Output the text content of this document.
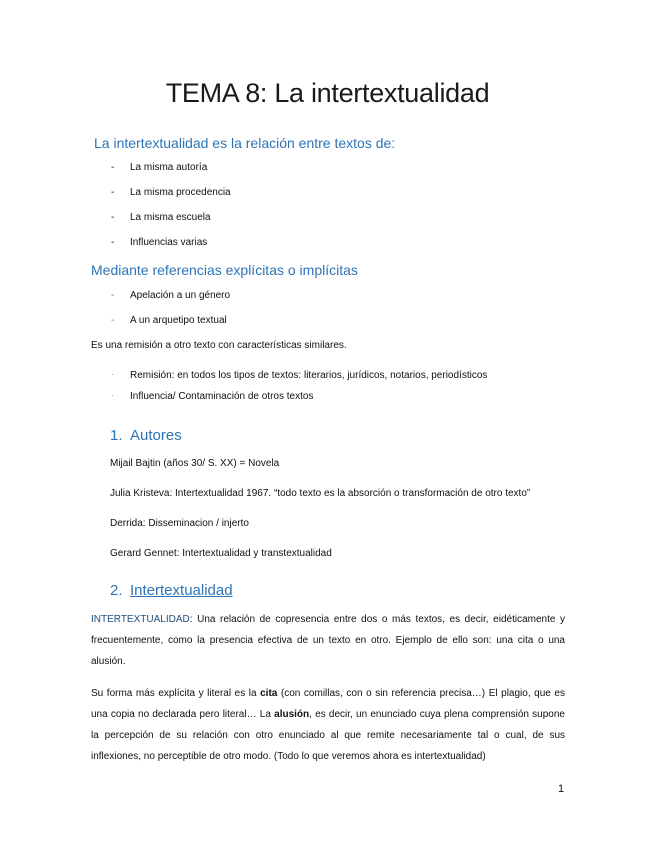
TEMA 8: La intertextualidad
La intertextualidad es la relación entre textos de:
- La misma autoría
- La misma procedencia
- La misma escuela
- Influencias varias
Mediante referencias explícitas o implícitas
- Apelación a un género
- A un arquetipo textual
Es una remisión a otro texto con características similares.
· Remisión: en todos los tipos de textos: literarios, jurídicos, notarios, periodísticos
· Influencia/ Contaminación de otros textos
1. Autores
Mijail Bajtin (años 30/ S. XX) = Novela
Julia Kristeva: Intertextualidad 1967. “todo texto es la absorción o transformación de otro texto”
Derrida: Disseminacion / injerto
Gerard Gennet: Intertextualidad y transtextualidad
2. Intertextualidad
INTERTEXTUALIDAD: Una relación de copresencia entre dos o más textos, es decir, eidéticamente y frecuentemente, como la presencia efectiva de un texto en otro. Ejemplo de ello son: una cita o una alusión.
Su forma más explícita y literal es la cita (con comillas, con o sin referencia precisa…) El plagio, que es una copia no declarada pero literal… La alusión, es decir, un enunciado cuya plena comprensión supone la percepción de su relación con otro enunciado al que remite necesariamente tal o cual, de sus inflexiones, no perceptible de otro modo. (Todo lo que veremos ahora es intertextualidad)
1
